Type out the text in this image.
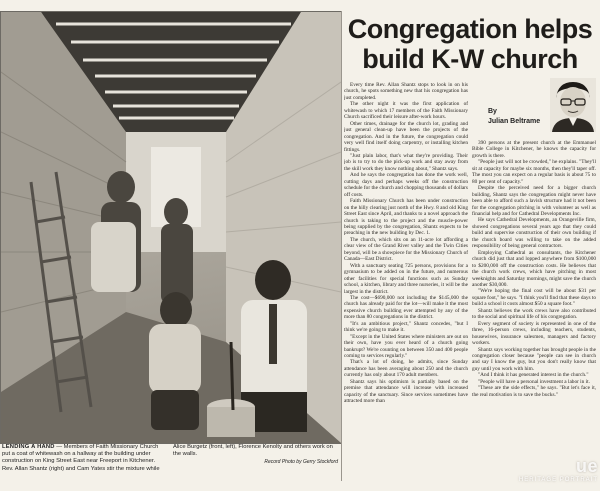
LENDING A HAND — Members of Faith Missionary Church put a coat of whitewash on a hallway at the building under construction on King Street East near Freeport in Kitchener. Rev. Allan Shantz (right) and Cam Yates stir the mixture while Alice Burgetz (front, left), Florence Kenolty and others work on the walls.
Record Photo by Gerry Stockford
Congregation helps build K-W church
By
Julian Beltrame

Every time Rev. Allan Shantz stops to look in on his church, he spots something new that his congregation has just completed.

The other night it was the first application of whitewash to which 17 members of the Faith Missionary Church sacrificed their leisure after-work hours.

Other times, drainage for the church lot, grading and just general clean-up have been the projects of the congregation. And in the future, the congregation could very well find itself doing carpentry, or installing kitchen fittings.

"Just plain labor, that's what they're providing. Their job is to try to do the pick-up work and stay away from the skill work they know nothing about," Shantz says.

And he says the congregation has done the work well, cutting days and perhaps weeks off the construction schedule for the church and chopping thousands of dollars off costs.

Faith Missionary Church has been under construction on the hilly clearing just north of the Hwy. 8 and old King Street East since April, and thanks to a novel approach the church is taking to the project and the muscle-power being supplied by the congregation, Shantz expects to be preaching in the new building by Dec. 1.

The church, which sits on an 11-acre lot affording a clear view of the Grand River valley and the Twin Cities beyond, will be a showpiece for the Missionary Church of Canada—East District.

With a sanctuary seating 725 persons, provisions for a gymnasium to be added on in the future, and numerous other facilities for special functions such as Sunday school, a kitchen, library and three nurseries, it will be the largest in the district.

The cost—$690,000 not including the $145,000 the church has already paid for the lot—will make it the most expensive church building ever attempted by any of the more than 80 congregations in the district.

"It's an ambitious project," Shantz concedes, "but I think we're going to make it.

"Except in the United States where ministers are out on their own, have you ever heard of a church going bankrupt? We're counting on between 350 and 400 people coming to services regularly."

That's a lot of doing, he admits, since Sunday attendance has been averaging about 250 and the church currently has only about 170 adult members.

Shantz says his optimism is partially based on the premise that attendance will increase with increased capacity of the sanctuary. Since services sometimes have attracted more than

390 persons at the present church at the Emmanuel Bible College in Kitchener, he knows the capacity for growth is there.

"People just will not be crowded," he explains. "They'll sit at capacity for maybe six months, then they'll taper off. The most you can expect on a regular basis is about 75 to 80 per cent of capacity."

Despite the perceived need for a bigger church building, Shantz says the congregation might never have been able to afford such a lavish structure had it not been for the congregation pitching in with volunteer as well as financial help and for Cathedral Developments Inc.

He says Cathedral Developments, an Orangeville firm, showed congregations several years ago that they could build and supervise construction of their own building if the church board was willing to take on the added responsibility of being general contractors.

Employing Cathedral as consultants, the Kitchener church did just that and lopped anywhere from $100,000 to $200,000 off the construction costs. He believes that the church work crews, which have pitching in most weeknights and Saturday mornings, might save the church another $30,000.

"We're hoping the final cost will be about $31 per square foot," he says. "I think you'll find that these days to build a school it costs almost $50 a square foot."

Shantz believes the work crews have also contributed to the social and spiritual life of his congregation.

Every segment of society is represented in one of the three, 16-person crews, including teachers, students, housewives, insurance salesmen, managers and factory workers.

Shantz says working together has brought people in the congregation closer because "people can see in church and say I know the guy, but you don't really know that guy until you work with him.

"And I think it has generated interest in the church."

"People will have a personal investment a labor in it.

"These are the side effects," he says. "But let's face it, the real motivation is to save the bucks."

ue
HERITAGE PORTRAIT
